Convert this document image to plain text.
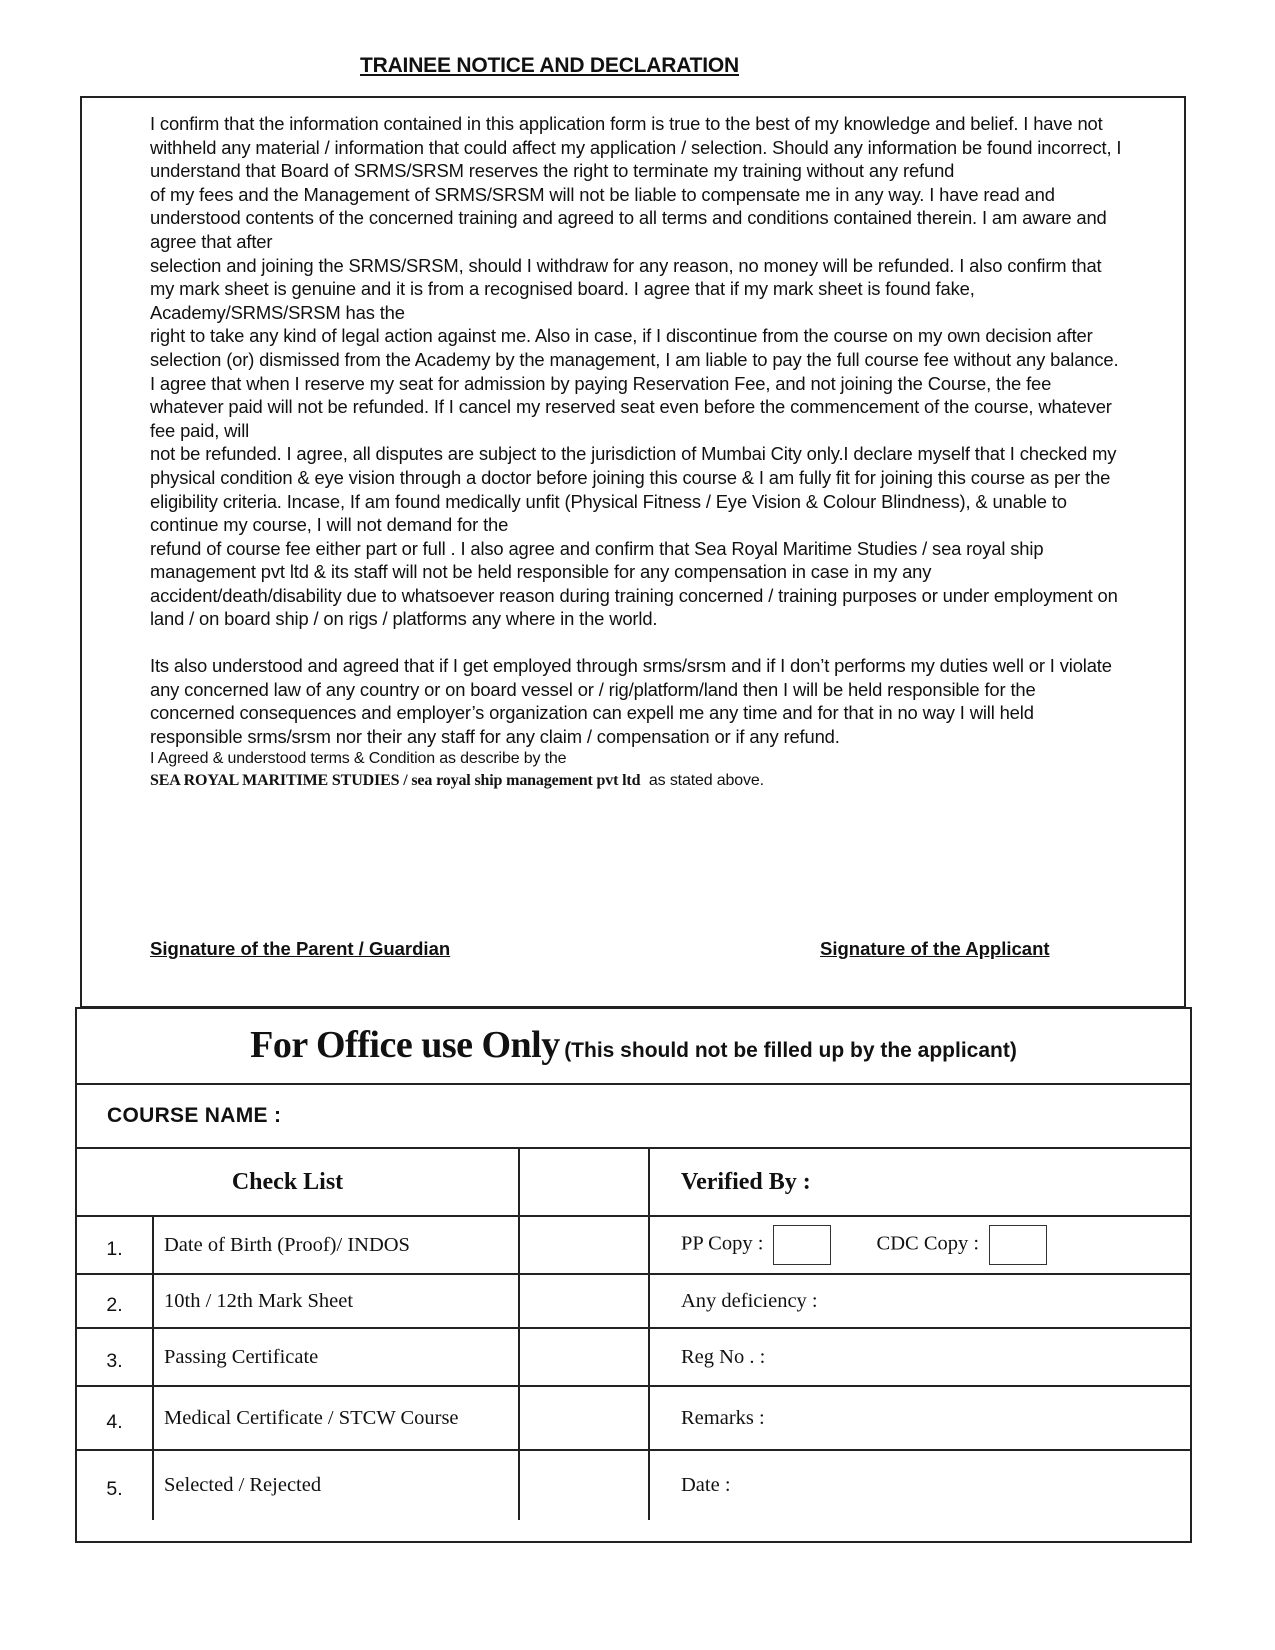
TRAINEE NOTICE AND DECLARATION

I confirm that the information contained in this application form is true to the best of my knowledge and belief. I have not withheld any material / information that could affect my application / selection. Should any information be found incorrect, I understand that Board of SRMS/SRSM reserves the right to terminate my training without any refund

of my fees and the Management of SRMS/SRSM will not be liable to compensate me in any way. I have read and understood contents of the concerned training and agreed to all terms and conditions contained therein. I am aware and agree that after

selection and joining the SRMS/SRSM, should I withdraw for any reason, no money will be refunded. I also confirm that my mark sheet is genuine and it is from a recognised board. I agree that if my mark sheet is found fake, Academy/SRMS/SRSM has the

right to take any kind of legal action against me. Also in case, if I discontinue from the course on my own decision after selection (or) dismissed from the Academy by the management, I am liable to pay the full course fee without any balance.

I agree that when I reserve my seat for admission by paying Reservation Fee, and not joining the Course, the fee whatever paid will not be refunded. If I cancel my reserved seat even before the commencement of the course, whatever fee paid, will

not be refunded. I agree, all disputes are subject to the jurisdiction of Mumbai City only.I declare myself that I checked my physical condition & eye vision through a doctor before joining this course & I am fully fit for joining this course as per the eligibility criteria. Incase, If am found medically unfit (Physical Fitness / Eye Vision & Colour Blindness), & unable to continue my course, I will not demand for the

refund of course fee either part or full . I also agree and confirm that Sea Royal Maritime Studies / sea royal ship management pvt ltd & its staff will not be held responsible for any compensation in case in my any accident/death/disability due to whatsoever reason during training concerned / training purposes or under employment on land / on board ship / on rigs / platforms any where in the world.

Its also understood and agreed that if I get employed through srms/srsm and if I don’t performs my duties well or I violate any concerned law of any country or on board vessel or / rig/platform/land then I will be held responsible for the concerned consequences and employer’s organization can expell me any time and for that in no way I will held responsible srms/srsm nor their any staff for any claim / compensation or if any refund.

I Agreed & understood terms & Condition as describe by the

SEA ROYAL MARITIME STUDIES / sea royal ship management pvt ltd  as stated above.

Signature of the Parent / Guardian	Signature of the Applicant
For Office use Only (This should not be filled up by the applicant)
COURSE NAME :
Check List			Verified By :
1.	Date of Birth (Proof)/ INDOS		PP Copy : CDC Copy :
2.	10th / 12th Mark Sheet		Any deficiency :
3.	Passing Certificate		Reg No . :
4.	Medical Certificate / STCW Course		Remarks :
5.	Selected / Rejected		Date :
